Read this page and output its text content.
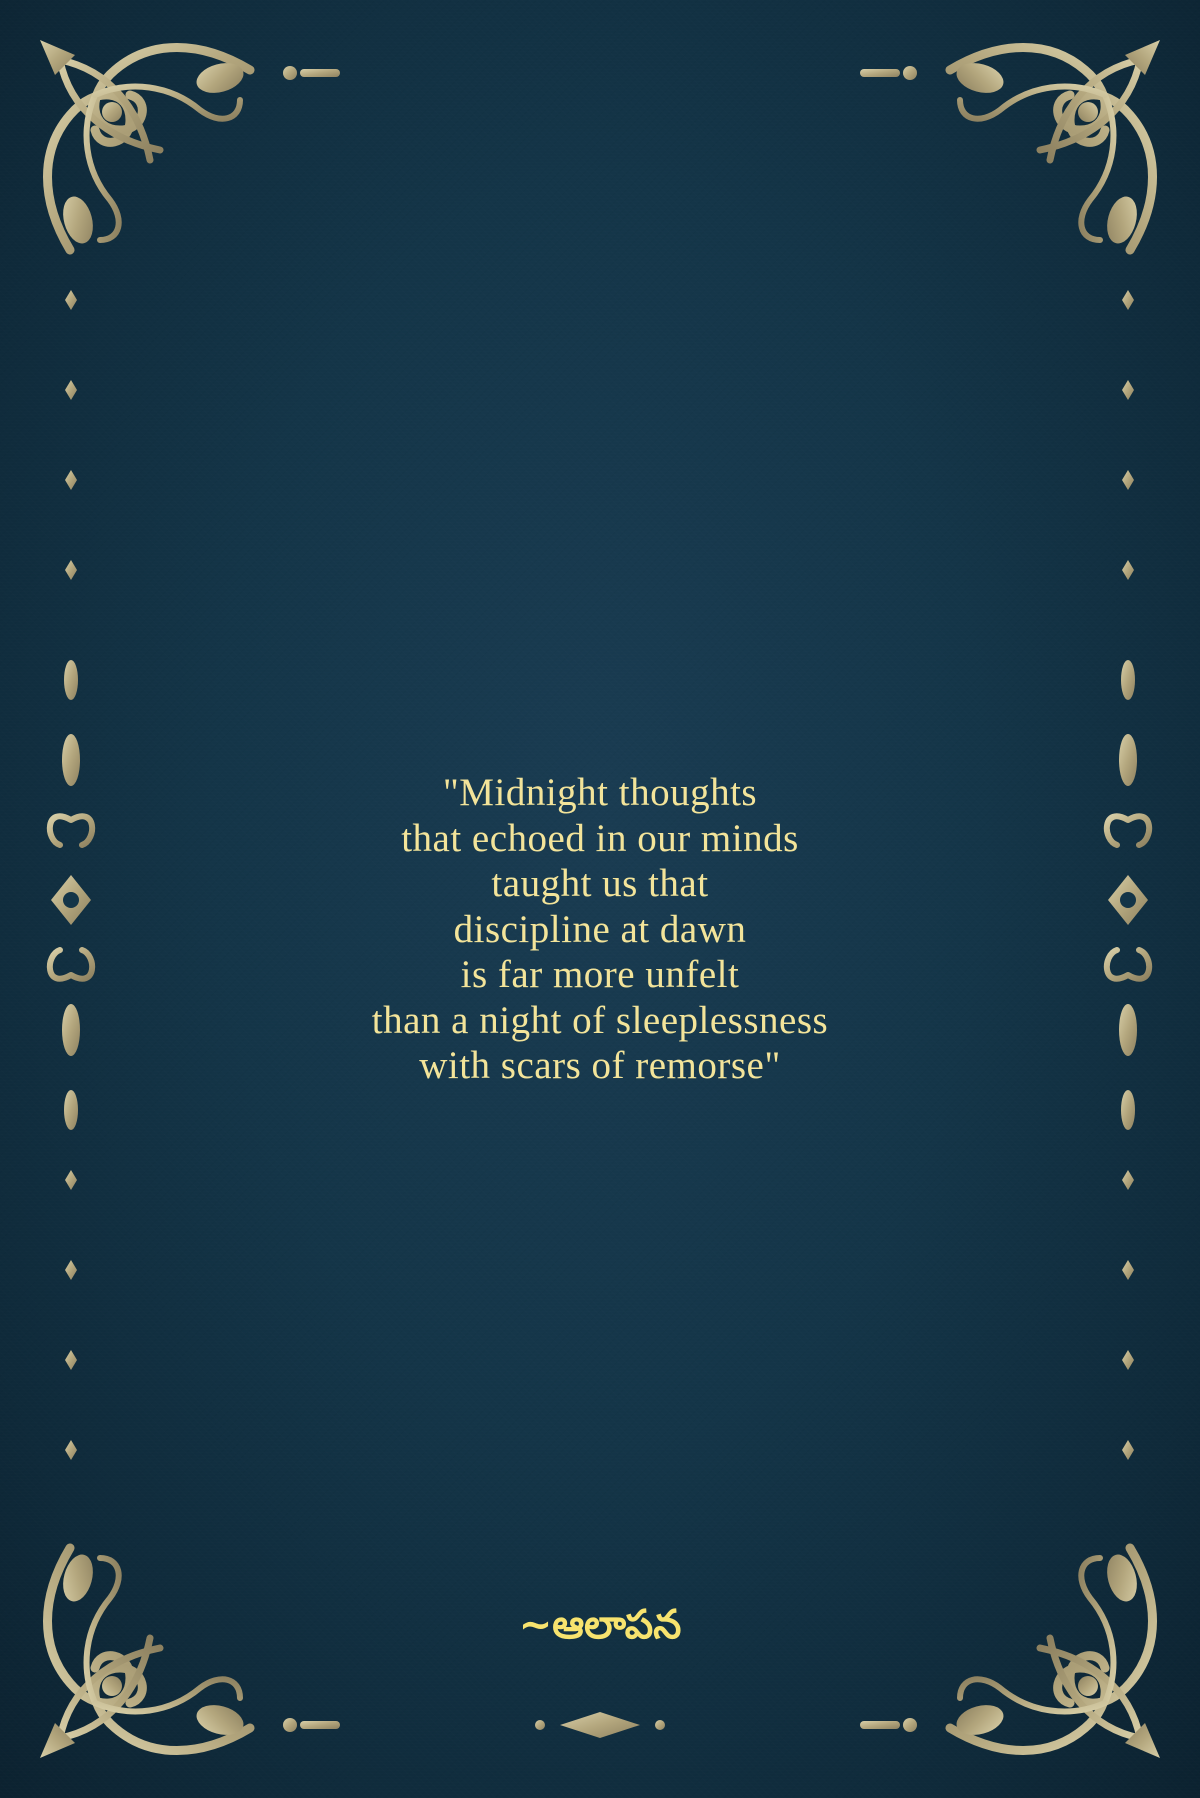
"Midnight thoughts
that echoed in our minds
taught us that
discipline at dawn
is far more unfelt
than a night of sleeplessness
with scars of remorse"
~ఆలాపన
